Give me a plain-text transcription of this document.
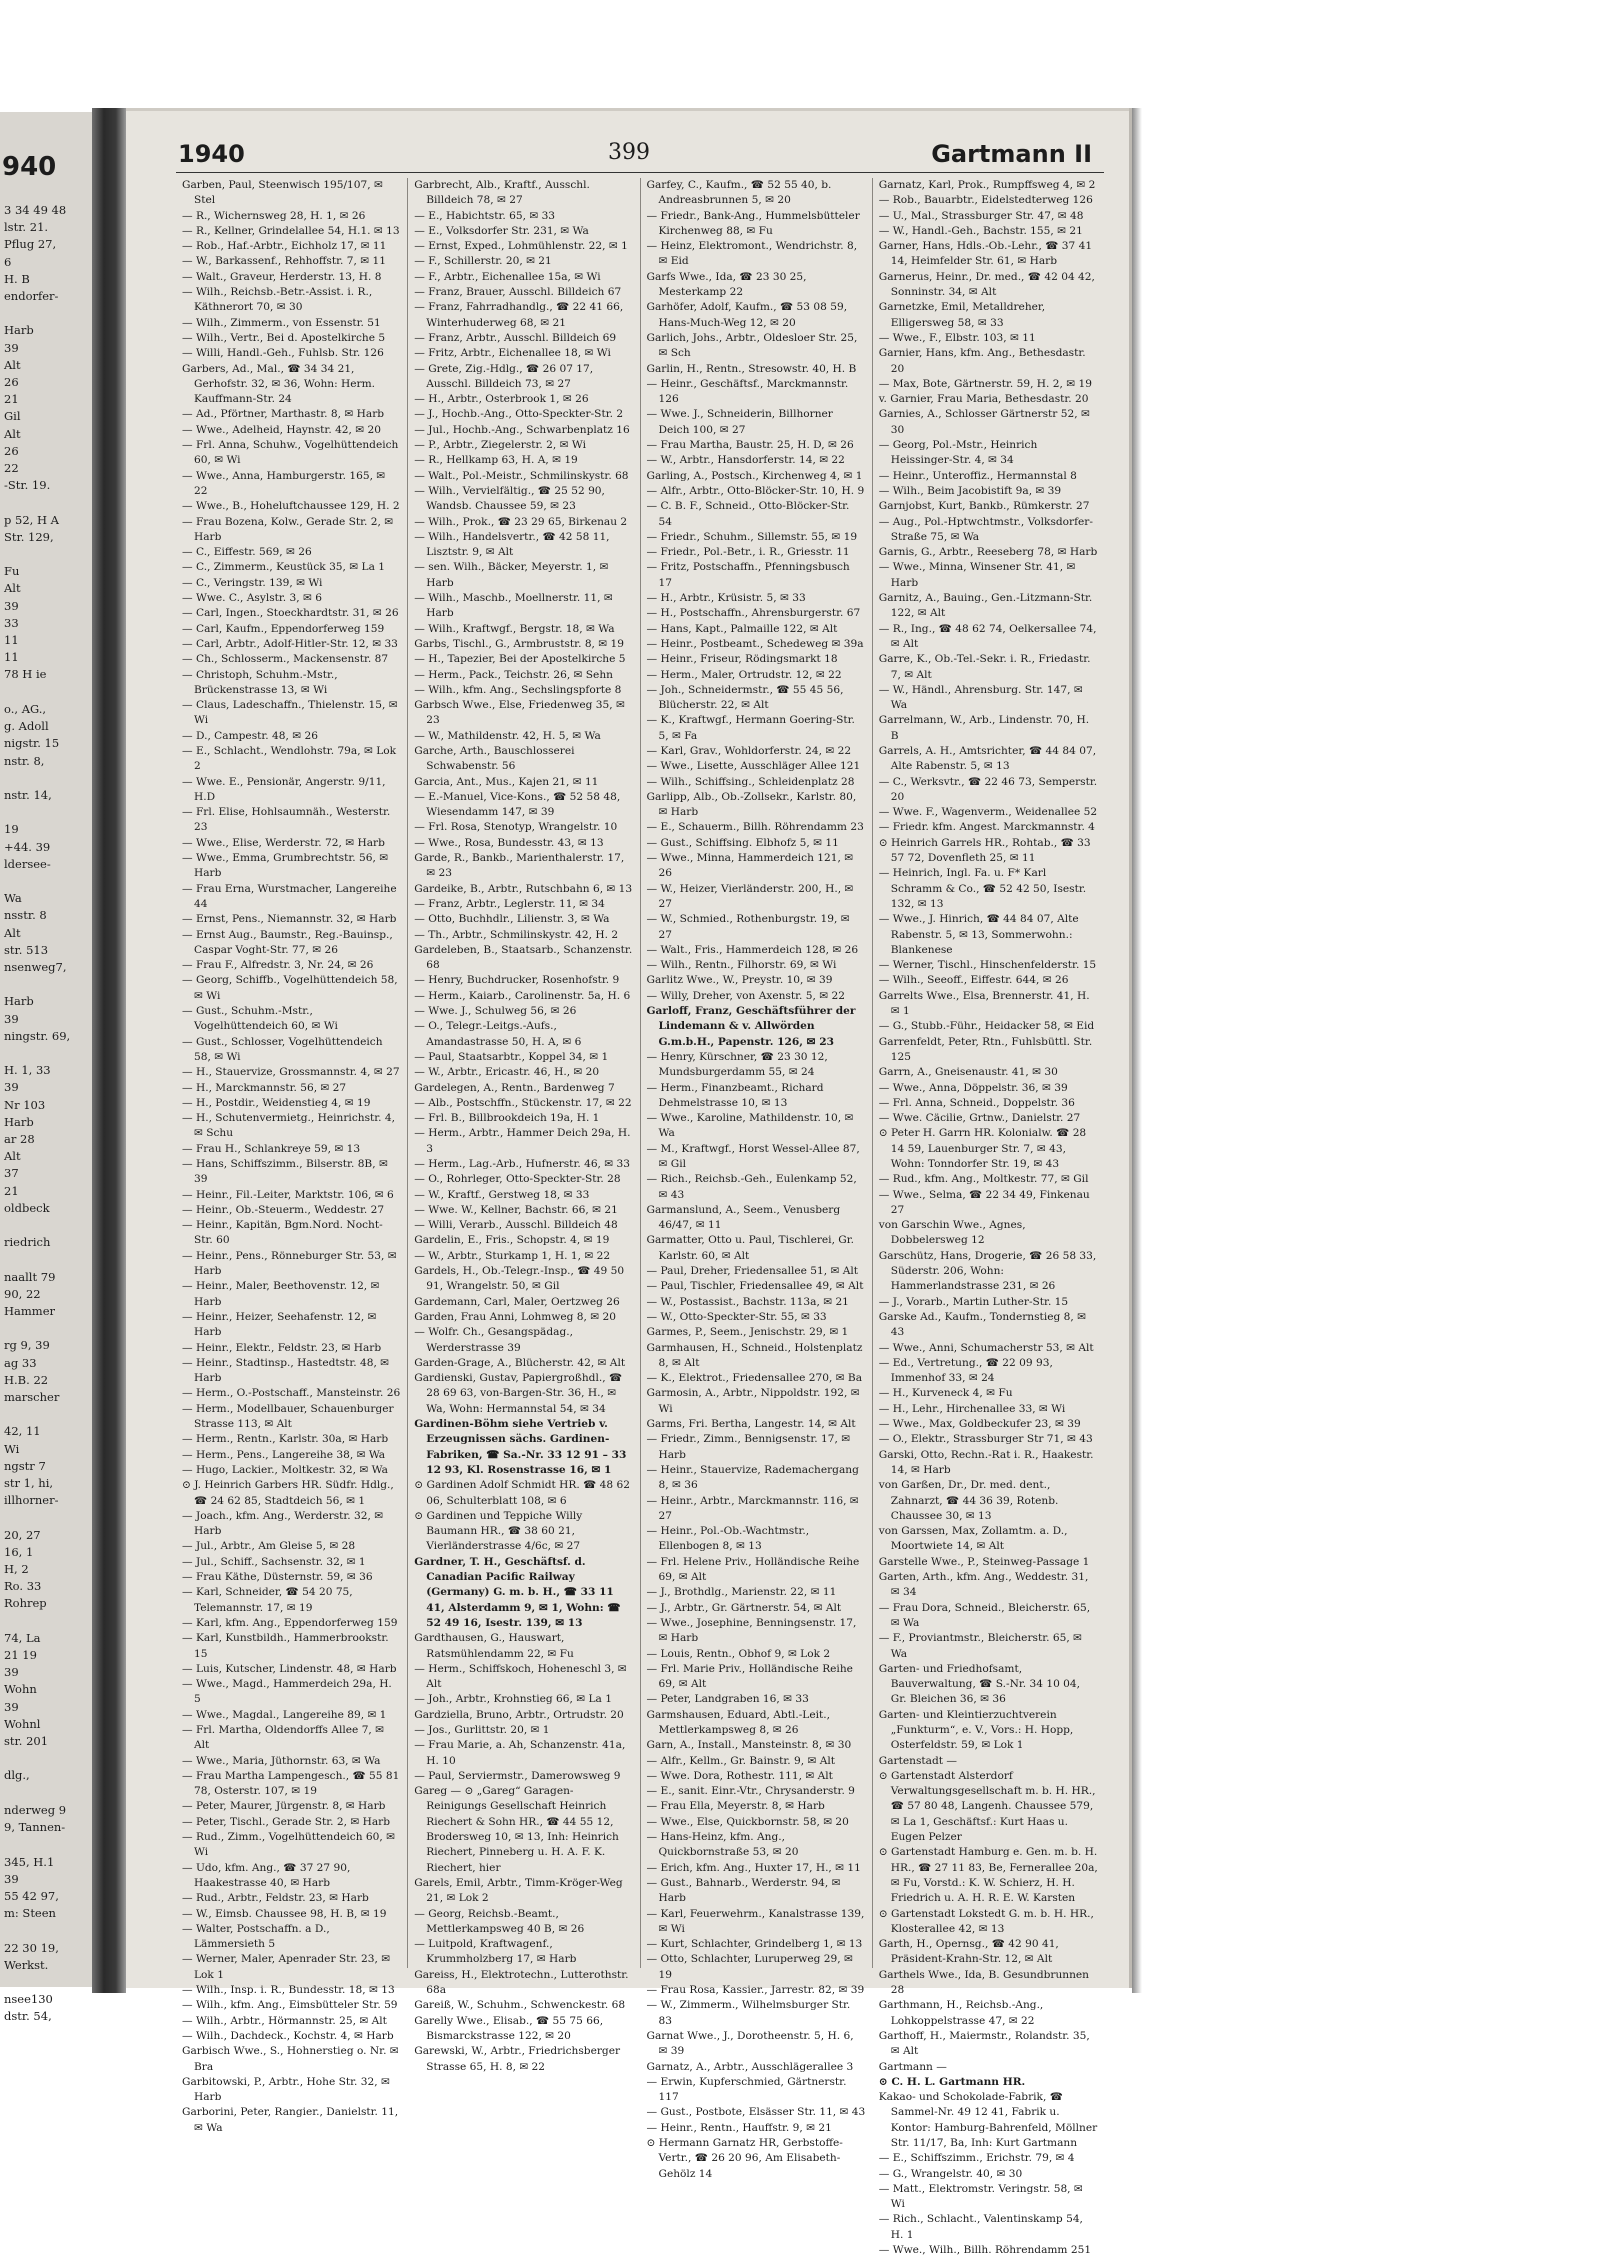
940
3 34 49 48
lstr. 21.
Pflug 27,
6
H. B
endorfer-

Harb
39
Alt
26
21
Gil
Alt
26
22
-Str. 19.

p 52, H A
Str. 129,

Fu
Alt
39
33
11
11
78 H ie

o., AG.,
g. Adoll
nigstr. 15
nstr. 8,

nstr. 14,

19
+44. 39
ldersee-

Wa
nsstr. 8
Alt
str. 513
nsenweg7,

Harb
39
ningstr. 69,

H. 1, 33
39
Nr 103
Harb
ar 28
Alt
37
21
oldbeck

riedrich

naallt 79
90, 22
Hammer

rg 9, 39
ag 33
H.B. 22
marscher

42, 11
Wi
ngstr 7
str 1, hi,
illhorner-

20, 27
16, 1
H, 2
Ro. 33
Rohrep

74, La
21 19
39
Wohn
39
Wohnl
str. 201

dlg.,

nderweg 9
9, Tannen-

345, H.1
39
55 42 97,
m: Steen

22 30 19,
Werkst.

nsee130
dstr. 54,
1940	399	Gartmann II
Garben, Paul, Steenwisch 195/107, ✉ Stel
— R., Wichernsweg 28, H. 1, ✉ 26
— R., Kellner, Grindelallee 54, H.1. ✉ 13
— Rob., Haf.-Arbtr., Eichholz 17, ✉ 11
— W., Barkassenf., Rehhoffstr. 7, ✉ 11
— Walt., Graveur, Herderstr. 13, H. 8
— Wilh., Reichsb.-Betr.-Assist. i. R., Käthnerort 70, ✉ 30
— Wilh., Zimmerm., von Essenstr. 51
— Wilh., Vertr., Bei d. Apostelkirche 5
— Willi, Handl.-Geh., Fuhlsb. Str. 126
Garbers, Ad., Mal., ☎ 34 34 21, Gerhofstr. 32, ✉ 36, Wohn: Herm. Kauffmann-Str. 24
— Ad., Pförtner, Marthastr. 8, ✉ Harb
— Wwe., Adelheid, Haynstr. 42, ✉ 20
— Frl. Anna, Schuhw., Vogelhüttendeich 60, ✉ Wi
— Wwe., Anna, Hamburgerstr. 165, ✉ 22
— Wwe., B., Hoheluftchaussee 129, H. 2
— Frau Bozena, Kolw., Gerade Str. 2, ✉ Harb
— C., Eiffestr. 569, ✉ 26
— C., Zimmerm., Keustück 35, ✉ La 1
— C., Veringstr. 139, ✉ Wi
— Wwe. C., Asylstr. 3, ✉ 6
— Carl, Ingen., Stoeckhardtstr. 31, ✉ 26
— Carl, Kaufm., Eppendorferweg 159
— Carl, Arbtr., Adolf-Hitler-Str. 12, ✉ 33
— Ch., Schlosserm., Mackensenstr. 87
— Christoph, Schuhm.-Mstr., Brückenstrasse 13, ✉ Wi
— Claus, Ladeschaffn., Thielenstr. 15, ✉ Wi
— D., Campestr. 48, ✉ 26
— E., Schlacht., Wendlohstr. 79a, ✉ Lok 2
— Wwe. E., Pensionär, Angerstr. 9/11, H.D
— Frl. Elise, Hohlsaumnäh., Westerstr. 23
— Wwe., Elise, Werderstr. 72, ✉ Harb
— Wwe., Emma, Grumbrechtstr. 56, ✉ Harb
— Frau Erna, Wurstmacher, Langereihe 44
— Ernst, Pens., Niemannstr. 32, ✉ Harb
— Ernst Aug., Baumstr., Reg.-Bauinsp., Caspar Voght-Str. 77, ✉ 26
— Frau F., Alfredstr. 3, Nr. 24, ✉ 26
— Georg, Schiffb., Vogelhüttendeich 58, ✉ Wi
— Gust., Schuhm.-Mstr., Vogelhüttendeich 60, ✉ Wi
— Gust., Schlosser, Vogelhüttendeich 58, ✉ Wi
— H., Stauervize, Grossmannstr. 4, ✉ 27
— H., Marckmannstr. 56, ✉ 27
— H., Postdir., Weidenstieg 4, ✉ 19
— H., Schutenvermietg., Heinrichstr. 4, ✉ Schu
— Frau H., Schlankreye 59, ✉ 13
— Hans, Schiffszimm., Bilserstr. 8B, ✉ 39
— Heinr., Fil.-Leiter, Marktstr. 106, ✉ 6
— Heinr., Ob.-Steuerm., Weddestr. 27
— Heinr., Kapitän, Bgm.Nord. Nocht-Str. 60
— Heinr., Pens., Rönneburger Str. 53, ✉ Harb
— Heinr., Maler, Beethovenstr. 12, ✉ Harb
— Heinr., Heizer, Seehafenstr. 12, ✉ Harb
— Heinr., Elektr., Feldstr. 23, ✉ Harb
— Heinr., Stadtinsp., Hastedtstr. 48, ✉ Harb
— Herm., O.-Postschaff., Mansteinstr. 26
— Herm., Modellbauer, Schauenburger Strasse 113, ✉ Alt
— Herm., Rentn., Karlstr. 30a, ✉ Harb
— Herm., Pens., Langereihe 38, ✉ Wa
— Hugo, Lackier., Moltkestr. 32, ✉ Wa
⊙ J. Heinrich Garbers HR. Südfr. Hdlg., ☎ 24 62 85, Stadtdeich 56, ✉ 1
— Joach., kfm. Ang., Werderstr. 32, ✉ Harb
— Jul., Arbtr., Am Gleise 5, ✉ 28
— Jul., Schiff., Sachsenstr. 32, ✉ 1
— Frau Käthe, Düsternstr. 59, ✉ 36
— Karl, Schneider, ☎ 54 20 75, Telemannstr. 17, ✉ 19
— Karl, kfm. Ang., Eppendorferweg 159
— Karl, Kunstbildh., Hammerbrookstr. 15
— Luis, Kutscher, Lindenstr. 48, ✉ Harb
— Wwe., Magd., Hammerdeich 29a, H. 5
— Wwe., Magdal., Langereihe 89, ✉ 1
— Frl. Martha, Oldendorffs Allee 7, ✉ Alt
— Wwe., Maria, Jüthornstr. 63, ✉ Wa
— Frau Martha Lampengesch., ☎ 55 81 78, Osterstr. 107, ✉ 19
— Peter, Maurer, Jürgenstr. 8, ✉ Harb
— Peter, Tischl., Gerade Str. 2, ✉ Harb
— Rud., Zimm., Vogelhüttendeich 60, ✉ Wi
— Udo, kfm. Ang., ☎ 37 27 90, Haakestrasse 40, ✉ Harb
— Rud., Arbtr., Feldstr. 23, ✉ Harb
— W., Eimsb. Chaussee 98, H. B, ✉ 19
— Walter, Postschaffn. a D., Lämmersieth 5
— Werner, Maler, Apenrader Str. 23, ✉ Lok 1
— Wilh., Insp. i. R., Bundesstr. 18, ✉ 13
— Wilh., kfm. Ang., Eimsbütteler Str. 59
— Wilh., Arbtr., Hörmannstr. 25, ✉ Alt
— Wilh., Dachdeck., Kochstr. 4, ✉ Harb
Garbisch Wwe., S., Hohnerstieg o. Nr. ✉ Bra
Garbitowski, P., Arbtr., Hohe Str. 32, ✉ Harb
Garborini, Peter, Rangier., Danielstr. 11, ✉ Wa
Garbrecht, Alb., Kraftf., Ausschl. Billdeich 78, ✉ 27
— E., Habichtstr. 65, ✉ 33
— E., Volksdorfer Str. 231, ✉ Wa
— Ernst, Exped., Lohmühlenstr. 22, ✉ 1
— F., Schillerstr. 20, ✉ 21
— F., Arbtr., Eichenallee 15a, ✉ Wi
— Franz, Brauer, Ausschl. Billdeich 67
— Franz, Fahrradhandlg., ☎ 22 41 66, Winterhuderweg 68, ✉ 21
— Franz, Arbtr., Ausschl. Billdeich 69
— Fritz, Arbtr., Eichenallee 18, ✉ Wi
— Grete, Zig.-Hdlg., ☎ 26 07 17, Ausschl. Billdeich 73, ✉ 27
— H., Arbtr., Osterbrook 1, ✉ 26
— J., Hochb.-Ang., Otto-Speckter-Str. 2
— Jul., Hochb.-Ang., Schwarbenplatz 16
— P., Arbtr., Ziegelerstr. 2, ✉ Wi
— R., Hellkamp 63, H. A, ✉ 19
— Walt., Pol.-Meistr., Schmilinskystr. 68
— Wilh., Vervielfältig., ☎ 25 52 90, Wandsb. Chaussee 59, ✉ 23
— Wilh., Prok., ☎ 23 29 65, Birkenau 2
— Wilh., Handelsvertr., ☎ 42 58 11, Lisztstr. 9, ✉ Alt
— sen. Wilh., Bäcker, Meyerstr. 1, ✉ Harb
— Wilh., Maschb., Moellnerstr. 11, ✉ Harb
— Wilh., Kraftwgf., Bergstr. 18, ✉ Wa
Garbs, Tischl., G., Armbruststr. 8, ✉ 19
— H., Tapezier, Bei der Apostelkirche 5
— Herm., Pack., Teichstr. 26, ✉ Sehn
— Wilh., kfm. Ang., Sechslingspforte 8
Garbsch Wwe., Else, Friedenweg 35, ✉ 23
— W., Mathildenstr. 42, H. 5, ✉ Wa
Garche, Arth., Bauschlosserei Schwabenstr. 56
Garcia, Ant., Mus., Kajen 21, ✉ 11
— E.-Manuel, Vice-Kons., ☎ 52 58 48, Wiesendamm 147, ✉ 39
— Frl. Rosa, Stenotyp, Wrangelstr. 10
— Wwe., Rosa, Bundesstr. 43, ✉ 13
Garde, R., Bankb., Marienthalerstr. 17, ✉ 23
Gardeike, B., Arbtr., Rutschbahn 6, ✉ 13
— Franz, Arbtr., Leglerstr. 11, ✉ 34
— Otto, Buchhdlr., Lilienstr. 3, ✉ Wa
— Th., Arbtr., Schmilinskystr. 42, H. 2
Gardeleben, B., Staatsarb., Schanzenstr. 68
— Henry, Buchdrucker, Rosenhofstr. 9
— Herm., Kaiarb., Carolinenstr. 5a, H. 6
— Wwe. J., Schulweg 56, ✉ 26
— O., Telegr.-Leitgs.-Aufs., Amandastrasse 50, H. A, ✉ 6
— Paul, Staatsarbtr., Koppel 34, ✉ 1
— W., Arbtr., Ericastr. 46, H., ✉ 20
Gardelegen, A., Rentn., Bardenweg 7
— Alb., Postschffn., Stückenstr. 17, ✉ 22
— Frl. B., Billbrookdeich 19a, H. 1
— Herm., Arbtr., Hammer Deich 29a, H. 3
— Herm., Lag.-Arb., Hufnerstr. 46, ✉ 33
— O., Rohrleger, Otto-Speckter-Str. 28
— W., Kraftf., Gerstweg 18, ✉ 33
— Wwe. W., Kellner, Bachstr. 66, ✉ 21
— Willi, Verarb., Ausschl. Billdeich 48
Gardelin, E., Fris., Schopstr. 4, ✉ 19
— W., Arbtr., Sturkamp 1, H. 1, ✉ 22
Gardels, H., Ob.-Telegr.-Insp., ☎ 49 50 91, Wrangelstr. 50, ✉ Gil
Gardemann, Carl, Maler, Oertzweg 26
Garden, Frau Anni, Lohmweg 8, ✉ 20
— Wolfr. Ch., Gesangspädag., Werderstrasse 39
Garden-Grage, A., Blücherstr. 42, ✉ Alt
Gardienski, Gustav, Papiergroßhdl., ☎ 28 69 63, von-Bargen-Str. 36, H., ✉ Wa, Wohn: Hermannstal 54, ✉ 34
Gardinen-Böhm siehe Vertrieb v. Erzeugnissen sächs. Gardinen-Fabriken, ☎ Sa.-Nr. 33 12 91 – 33 12 93, Kl. Rosenstrasse 16, ✉ 1
⊙ Gardinen Adolf Schmidt HR. ☎ 48 62 06, Schulterblatt 108, ✉ 6
⊙ Gardinen und Teppiche Willy Baumann HR., ☎ 38 60 21, Vierländerstrasse 4/6c, ✉ 27
Gardner, T. H., Geschäftsf. d. Canadian Pacific Railway (Germany) G. m. b. H., ☎ 33 11 41, Alsterdamm 9, ✉ 1, Wohn: ☎ 52 49 16, Isestr. 139, ✉ 13
Gardthausen, G., Hauswart, Ratsmühlendamm 22, ✉ Fu
— Herm., Schiffskoch, Hoheneschl 3, ✉ Alt
— Joh., Arbtr., Krohnstieg 66, ✉ La 1
Gardziella, Bruno, Arbtr., Ortrudstr. 20
— Jos., Gurlittstr. 20, ✉ 1
— Frau Marie, a. Ah, Schanzenstr. 41a, H. 10
— Paul, Serviermstr., Damerowsweg 9
Gareg — ⊙ „Gareg“ Garagen-Reinigungs Gesellschaft Heinrich Riechert & Sohn HR., ☎ 44 55 12, Brodersweg 10, ✉ 13, Inh: Heinrich Riechert, Pinneberg u. H. A. F. K. Riechert, hier
Garels, Emil, Arbtr., Timm-Kröger-Weg 21, ✉ Lok 2
— Georg, Reichsb.-Beamt., Mettlerkampsweg 40 B, ✉ 26
— Luitpold, Kraftwagenf., Krummholzberg 17, ✉ Harb
Gareiss, H., Elektrotechn., Lutterothstr. 68a
Gareiß, W., Schuhm., Schwenckestr. 68
Garelly Wwe., Elisab., ☎ 55 75 66, Bismarckstrasse 122, ✉ 20
Garewski, W., Arbtr., Friedrichsberger Strasse 65, H. 8, ✉ 22
Garfey, C., Kaufm., ☎ 52 55 40, b. Andreasbrunnen 5, ✉ 20
— Friedr., Bank-Ang., Hummelsbütteler Kirchenweg 88, ✉ Fu
— Heinz, Elektromont., Wendrichstr. 8, ✉ Eid
Garfs Wwe., Ida, ☎ 23 30 25, Mesterkamp 22
Garhöfer, Adolf, Kaufm., ☎ 53 08 59, Hans-Much-Weg 12, ✉ 20
Garlich, Johs., Arbtr., Oldesloer Str. 25, ✉ Sch
Garlin, H., Rentn., Stresowstr. 40, H. B
— Heinr., Geschäftsf., Marckmannstr. 126
— Wwe. J., Schneiderin, Billhorner Deich 100, ✉ 27
— Frau Martha, Baustr. 25, H. D, ✉ 26
— W., Arbtr., Hansdorferstr. 14, ✉ 22
Garling, A., Postsch., Kirchenweg 4, ✉ 1
— Alfr., Arbtr., Otto-Blöcker-Str. 10, H. 9
— C. B. F., Schneid., Otto-Blöcker-Str. 54
— Friedr., Schuhm., Sillemstr. 55, ✉ 19
— Friedr., Pol.-Betr., i. R., Griesstr. 11
— Fritz, Postschaffn., Pfenningsbusch 17
— H., Arbtr., Krüsistr. 5, ✉ 33
— H., Postschaffn., Ahrensburgerstr. 67
— Hans, Kapt., Palmaille 122, ✉ Alt
— Heinr., Postbeamt., Schedeweg ✉ 39a
— Heinr., Friseur, Rödingsmarkt 18
— Herm., Maler, Ortrudstr. 12, ✉ 22
— Joh., Schneidermstr., ☎ 55 45 56, Blücherstr. 22, ✉ Alt
— K., Kraftwgf., Hermann Goering-Str. 5, ✉ Fa
— Karl, Grav., Wohldorferstr. 24, ✉ 22
— Wwe., Lisette, Ausschläger Allee 121
— Wilh., Schiffsing., Schleidenplatz 28
Garlipp, Alb., Ob.-Zollsekr., Karlstr. 80, ✉ Harb
— E., Schauerm., Billh. Röhrendamm 23
— Gust., Schiffsing. Elbhofz 5, ✉ 11
— Wwe., Minna, Hammerdeich 121, ✉ 26
— W., Heizer, Vierländerstr. 200, H., ✉ 27
— W., Schmied., Rothenburgstr. 19, ✉ 27
— Walt., Fris., Hammerdeich 128, ✉ 26
— Wilh., Rentn., Filhorstr. 69, ✉ Wi
Garlitz Wwe., W., Preystr. 10, ✉ 39
— Willy, Dreher, von Axenstr. 5, ✉ 22
Garloff, Franz, Geschäftsführer der Lindemann & v. Allwörden G.m.b.H., Papenstr. 126, ✉ 23
— Henry, Kürschner, ☎ 23 30 12, Mundsburgerdamm 55, ✉ 24
— Herm., Finanzbeamt., Richard Dehmelstrasse 10, ✉ 13
— Wwe., Karoline, Mathildenstr. 10, ✉ Wa
— M., Kraftwgf., Horst Wessel-Allee 87, ✉ Gil
— Rich., Reichsb.-Geh., Eulenkamp 52, ✉ 43
Garmanslund, A., Seem., Venusberg 46/47, ✉ 11
Garmatter, Otto u. Paul, Tischlerei, Gr. Karlstr. 60, ✉ Alt
— Paul, Dreher, Friedensallee 51, ✉ Alt
— Paul, Tischler, Friedensallee 49, ✉ Alt
— W., Postassist., Bachstr. 113a, ✉ 21
— W., Otto-Speckter-Str. 55, ✉ 33
Garmes, P., Seem., Jenischstr. 29, ✉ 1
Garmhausen, H., Schneid., Holstenplatz 8, ✉ Alt
— K., Elektrot., Friedensallee 270, ✉ Ba
Garmosin, A., Arbtr., Nippoldstr. 192, ✉ Wi
Garms, Fri. Bertha, Langestr. 14, ✉ Alt
— Friedr., Zimm., Bennigsenstr. 17, ✉ Harb
— Heinr., Stauervize, Rademachergang 8, ✉ 36
— Heinr., Arbtr., Marckmannstr. 116, ✉ 27
— Heinr., Pol.-Ob.-Wachtmstr., Ellenbogen 8, ✉ 13
— Frl. Helene Priv., Holländische Reihe 69, ✉ Alt
— J., Brothdlg., Marienstr. 22, ✉ 11
— J., Arbtr., Gr. Gärtnerstr. 54, ✉ Alt
— Wwe., Josephine, Benningsenstr. 17, ✉ Harb
— Louis, Rentn., Obhof 9, ✉ Lok 2
— Frl. Marie Priv., Holländische Reihe 69, ✉ Alt
— Peter, Landgraben 16, ✉ 33
Garmshausen, Eduard, Abtl.-Leit., Mettlerkampsweg 8, ✉ 26
Garn, A., Install., Mansteinstr. 8, ✉ 30
— Alfr., Kellm., Gr. Bainstr. 9, ✉ Alt
— Wwe. Dora, Rothestr. 111, ✉ Alt
— E., sanit. Einr.-Vtr., Chrysanderstr. 9
— Frau Ella, Meyerstr. 8, ✉ Harb
— Wwe., Else, Quickbornstr. 58, ✉ 20
— Hans-Heinz, kfm. Ang., Quickbornstraße 53, ✉ 20
— Erich, kfm. Ang., Huxter 17, H., ✉ 11
— Gust., Bahnarb., Werderstr. 94, ✉ Harb
— Karl, Feuerwehrm., Kanalstrasse 139, ✉ Wi
— Kurt, Schlachter, Grindelberg 1, ✉ 13
— Otto, Schlachter, Luruperweg 29, ✉ 19
— Frau Rosa, Kassier., Jarrestr. 82, ✉ 39
— W., Zimmerm., Wilhelmsburger Str. 83
Garnat Wwe., J., Dorotheenstr. 5, H. 6, ✉ 39
Garnatz, A., Arbtr., Ausschlägerallee 3
— Erwin, Kupferschmied, Gärtnerstr. 117
— Gust., Postbote, Elsässer Str. 11, ✉ 43
— Heinr., Rentn., Hauffstr. 9, ✉ 21
⊙ Hermann Garnatz HR, Gerbstoffe-Vertr., ☎ 26 20 96, Am Elisabeth-Gehölz 14
Garnatz, Karl, Prok., Rumpffsweg 4, ✉ 2
— Rob., Bauarbtr., Eidelstedterweg 126
— U., Mal., Strassburger Str. 47, ✉ 48
— W., Handl.-Geh., Bachstr. 155, ✉ 21
Garner, Hans, Hdls.-Ob.-Lehr., ☎ 37 41 14, Heimfelder Str. 61, ✉ Harb
Garnerus, Heinr., Dr. med., ☎ 42 04 42, Sonninstr. 34, ✉ Alt
Garnetzke, Emil, Metalldreher, Elligersweg 58, ✉ 33
— Wwe., F., Elbstr. 103, ✉ 11
Garnier, Hans, kfm. Ang., Bethesdastr. 20
— Max, Bote, Gärtnerstr. 59, H. 2, ✉ 19
v. Garnier, Frau Maria, Bethesdastr. 20
Garnies, A., Schlosser Gärtnerstr 52, ✉ 30
— Georg, Pol.-Mstr., Heinrich Heissinger-Str. 4, ✉ 34
— Heinr., Unteroffiz., Hermannstal 8
— Wilh., Beim Jacobistift 9a, ✉ 39
Garnjobst, Kurt, Bankb., Rümkerstr. 27
— Aug., Pol.-Hptwchtmstr., Volksdorfer-Straße 75, ✉ Wa
Garnis, G., Arbtr., Reeseberg 78, ✉ Harb
— Wwe., Minna, Winsener Str. 41, ✉ Harb
Garnitz, A., Bauing., Gen.-Litzmann-Str. 122, ✉ Alt
— R., Ing., ☎ 48 62 74, Oelkersallee 74, ✉ Alt
Garre, K., Ob.-Tel.-Sekr. i. R., Friedastr. 7, ✉ Alt
— W., Händl., Ahrensburg. Str. 147, ✉ Wa
Garrelmann, W., Arb., Lindenstr. 70, H. B
Garrels, A. H., Amtsrichter, ☎ 44 84 07, Alte Rabenstr. 5, ✉ 13
— C., Werksvtr., ☎ 22 46 73, Semperstr. 20
— Wwe. F., Wagenverm., Weidenallee 52
— Friedr. kfm. Angest. Marckmannstr. 4
⊙ Heinrich Garrels HR., Rohtab., ☎ 33 57 72, Dovenfleth 25, ✉ 11
— Heinrich, Ingl. Fa. u. F* Karl Schramm & Co., ☎ 52 42 50, Isestr. 132, ✉ 13
— Wwe., J. Hinrich, ☎ 44 84 07, Alte Rabenstr. 5, ✉ 13, Sommerwohn.: Blankenese
— Werner, Tischl., Hinschenfelderstr. 15
— Wilh., Seeoff., Eiffestr. 644, ✉ 26
Garrelts Wwe., Elsa, Brennerstr. 41, H. ✉ 1
— G., Stubb.-Führ., Heidacker 58, ✉ Eid
Garrenfeldt, Peter, Rtn., Fuhlsbüttl. Str. 125
Garrn, A., Gneisenaustr. 41, ✉ 30
— Wwe., Anna, Döppelstr. 36, ✉ 39
— Frl. Anna, Schneid., Doppelstr. 36
— Wwe. Cäcilie, Grtnw., Danielstr. 27
⊙ Peter H. Garrn HR. Kolonialw. ☎ 28 14 59, Lauenburger Str. 7, ✉ 43, Wohn: Tonndorfer Str. 19, ✉ 43
— Rud., kfm. Ang., Moltkestr. 77, ✉ Gil
— Wwe., Selma, ☎ 22 34 49, Finkenau 27
von Garschin Wwe., Agnes, Dobbelersweg 12
Garschütz, Hans, Drogerie, ☎ 26 58 33, Süderstr. 206, Wohn: Hammerlandstrasse 231, ✉ 26
— J., Vorarb., Martin Luther-Str. 15
Garske Ad., Kaufm., Tondernstieg 8, ✉ 43
— Wwe., Anni, Schumacherstr 53, ✉ Alt
— Ed., Vertretung., ☎ 22 09 93, Immenhof 33, ✉ 24
— H., Kurveneck 4, ✉ Fu
— H., Lehr., Hirchenallee 33, ✉ Wi
— Wwe., Max, Goldbeckufer 23, ✉ 39
— O., Elektr., Strassburger Str 71, ✉ 43
Garski, Otto, Rechn.-Rat i. R., Haakestr. 14, ✉ Harb
von Garßen, Dr., Dr. med. dent., Zahnarzt, ☎ 44 36 39, Rotenb. Chaussee 30, ✉ 13
von Garssen, Max, Zollamtm. a. D., Moortwiete 14, ✉ Alt
Garstelle Wwe., P., Steinweg-Passage 1
Garten, Arth., kfm. Ang., Weddestr. 31, ✉ 34
— Frau Dora, Schneid., Bleicherstr. 65, ✉ Wa
— F., Proviantmstr., Bleicherstr. 65, ✉ Wa
Garten- und Friedhofsamt, Bauverwaltung, ☎ S.-Nr. 34 10 04, Gr. Bleichen 36, ✉ 36
Garten- und Kleintierzuchtverein „Funkturm“, e. V., Vors.: H. Hopp, Osterfeldstr. 59, ✉ Lok 1
Gartenstadt —
⊙ Gartenstadt Alsterdorf Verwaltungsgesellschaft m. b. H. HR., ☎ 57 80 48, Langenh. Chaussee 579, ✉ La 1, Geschäftsf.: Kurt Haas u. Eugen Pelzer
⊙ Gartenstadt Hamburg e. Gen. m. b. H. HR., ☎ 27 11 83, Be, Fernerallee 20a, ✉ Fu, Vorstd.: K. W. Schierz, H. H. Friedrich u. A. H. R. E. W. Karsten
⊙ Gartenstadt Lokstedt G. m. b. H. HR., Klosterallee 42, ✉ 13
Garth, H., Opernsg., ☎ 42 90 41, Präsident-Krahn-Str. 12, ✉ Alt
Garthels Wwe., Ida, B. Gesundbrunnen 28
Garthmann, H., Reichsb.-Ang., Lohkoppelstrasse 47, ✉ 22
Garthoff, H., Maiermstr., Rolandstr. 35, ✉ Alt
Gartmann —
⊙ C. H. L. Gartmann HR.
Kakao- und Schokolade-Fabrik, ☎ Sammel-Nr. 49 12 41, Fabrik u. Kontor: Hamburg-Bahrenfeld, Möllner Str. 11/17, Ba, Inh: Kurt Gartmann
— E., Schiffszimm., Erichstr. 79, ✉ 4
— G., Wrangelstr. 40, ✉ 30
— Matt., Elektromstr. Veringstr. 58, ✉ Wi
— Rich., Schlacht., Valentinskamp 54, H. 1
— Wwe., Wilh., Billh. Röhrendamm 251
